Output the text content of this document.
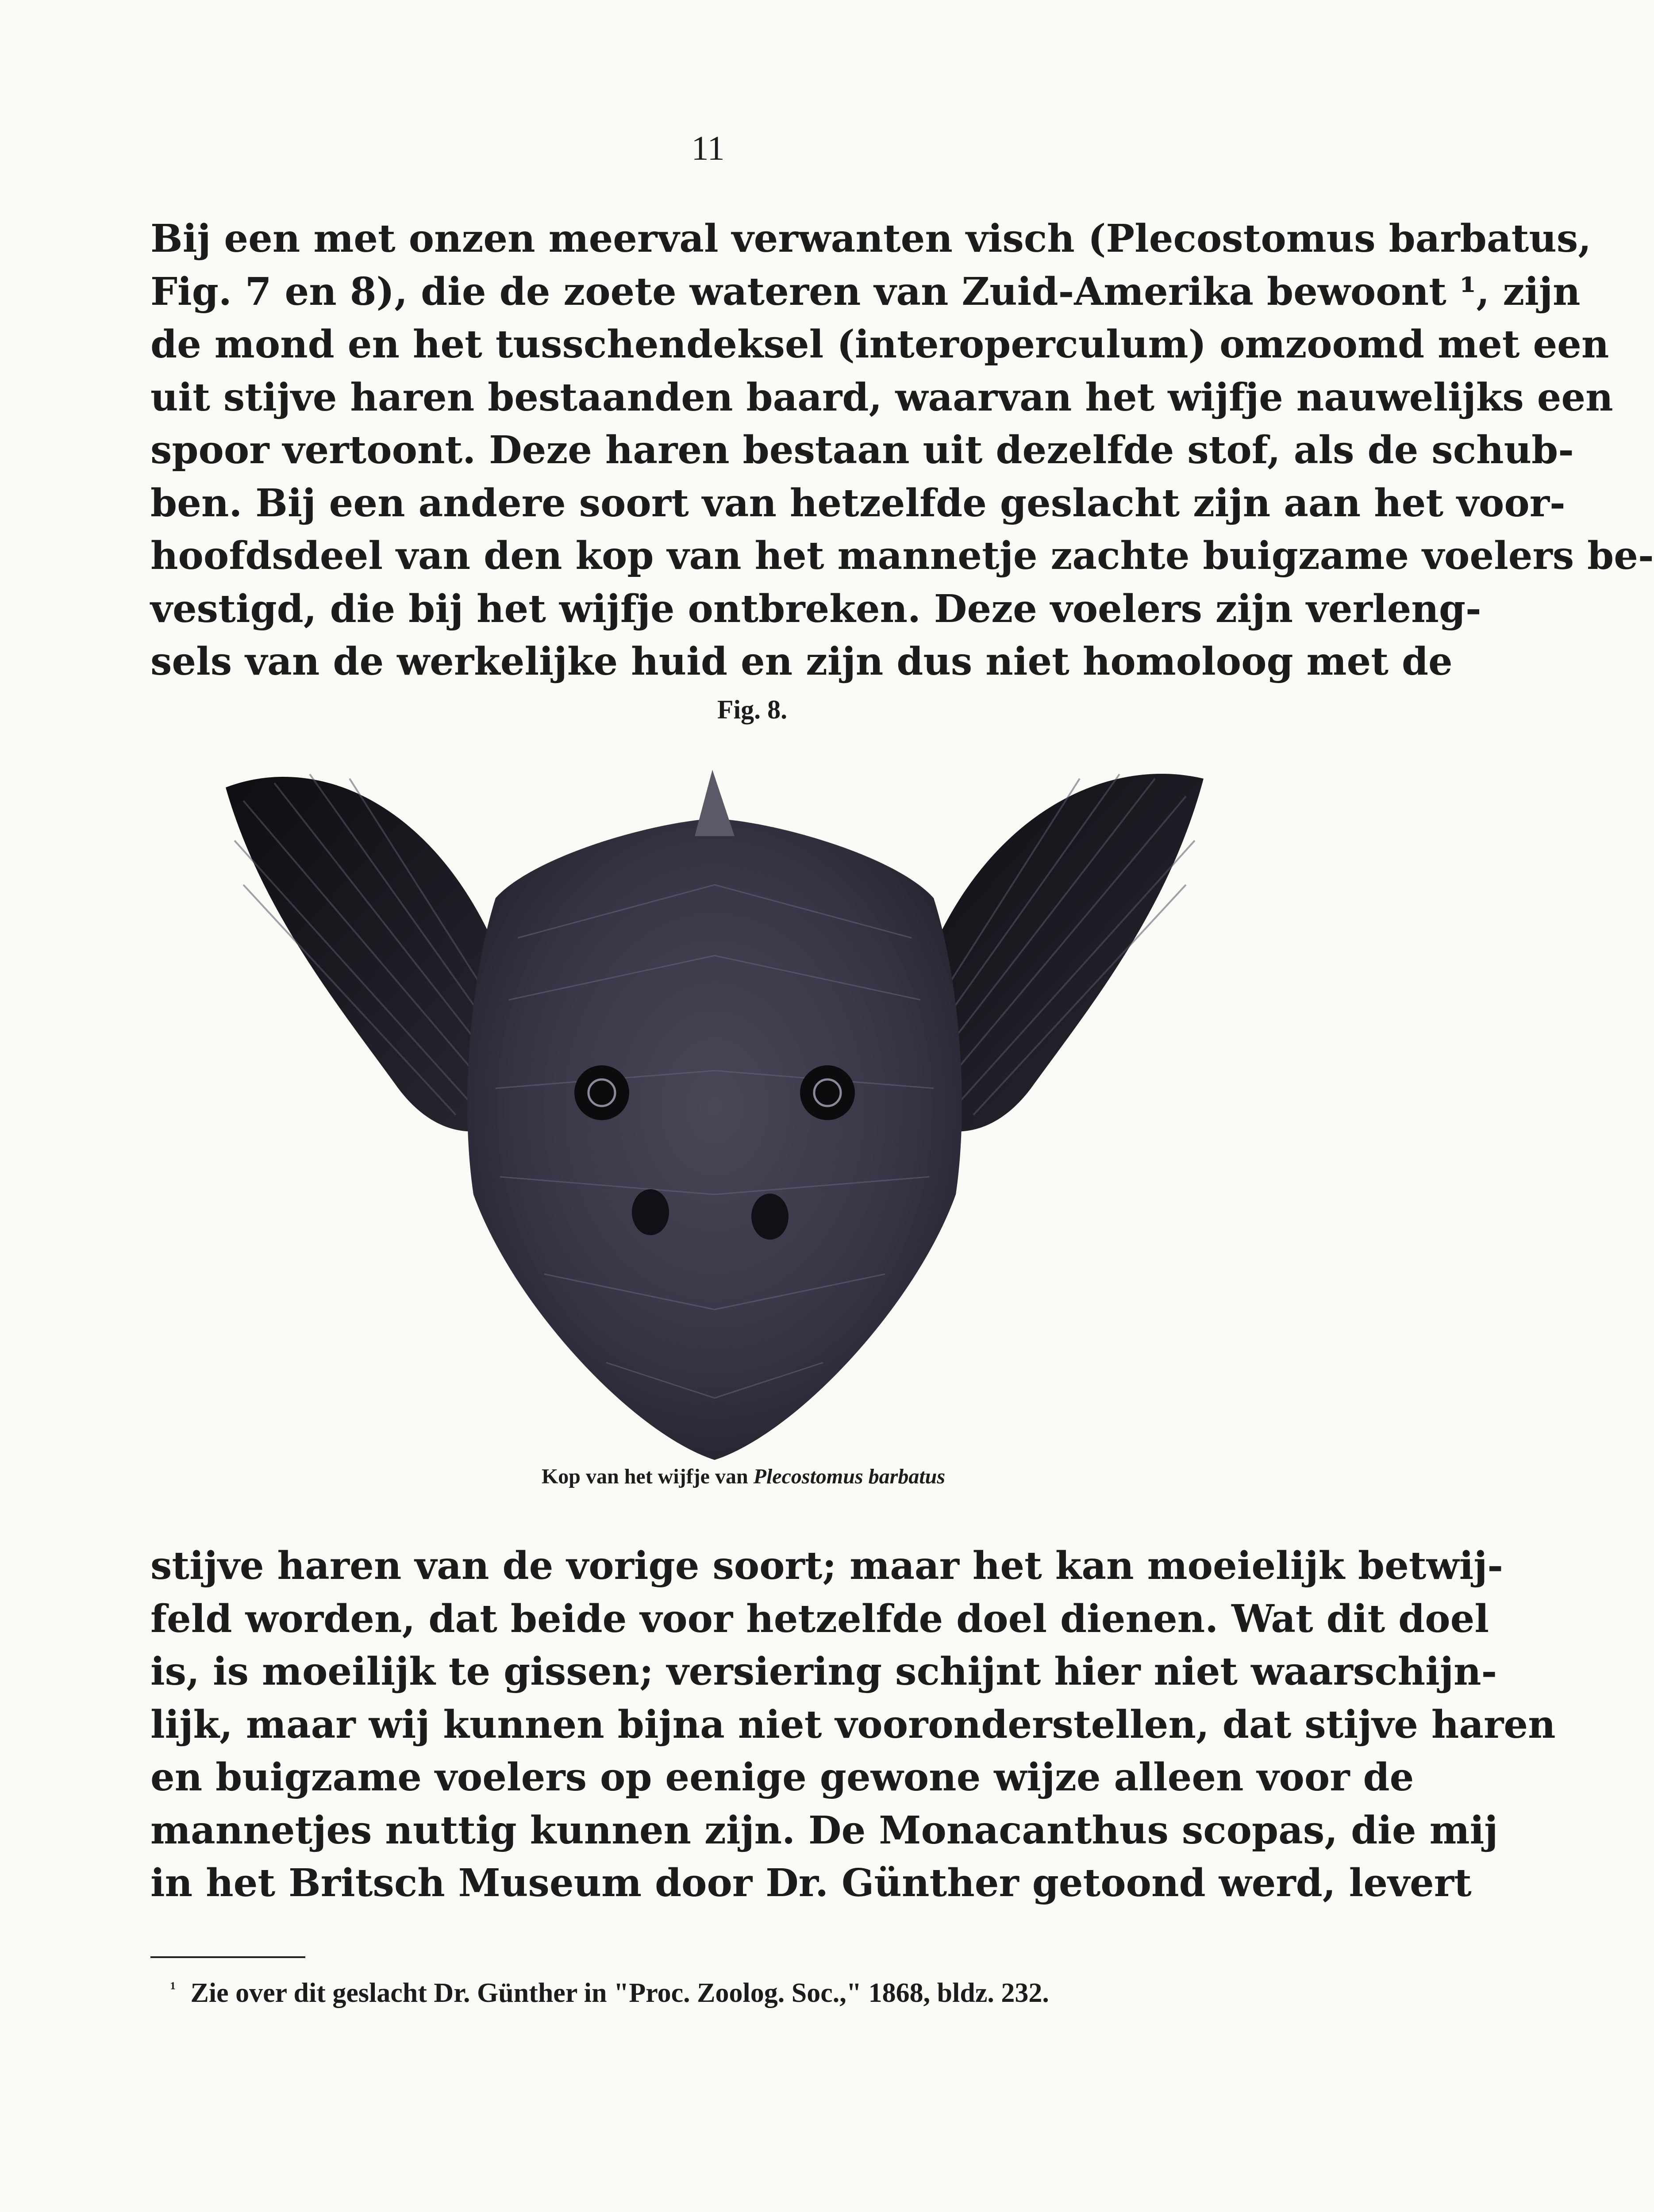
11
Bij een met onzen meerval verwanten visch (Plecostomus barbatus,
Fig. 7 en 8), die de zoete wateren van Zuid-Amerika bewoont ¹, zijn
de mond en het tusschendeksel (interoperculum) omzoomd met een
uit stijve haren bestaanden baard, waarvan het wijfje nauwelijks een
spoor vertoont. Deze haren bestaan uit dezelfde stof, als de schub-
ben. Bij een andere soort van hetzelfde geslacht zijn aan het voor-
hoofdsdeel van den kop van het mannetje zachte buigzame voelers be-
vestigd, die bij het wijfje ontbreken. Deze voelers zijn verleng-
sels van de werkelijke huid en zijn dus niet homoloog met de
Fig. 8.
Kop van het wijfje van Plecostomus barbatus
stijve haren van de vorige soort; maar het kan moeielijk betwij-
feld worden, dat beide voor hetzelfde doel dienen. Wat dit doel
is, is moeilijk te gissen; versiering schijnt hier niet waarschijn-
lijk, maar wij kunnen bijna niet vooronderstellen, dat stijve haren
en buigzame voelers op eenige gewone wijze alleen voor de
mannetjes nuttig kunnen zijn. De Monacanthus scopas, die mij
in het Britsch Museum door Dr. Günther getoond werd, levert
$^{^1}$ Zie over dit geslacht Dr. Günther in "Proc. Zoolog. Soc.," 1868, bldz. 232.
